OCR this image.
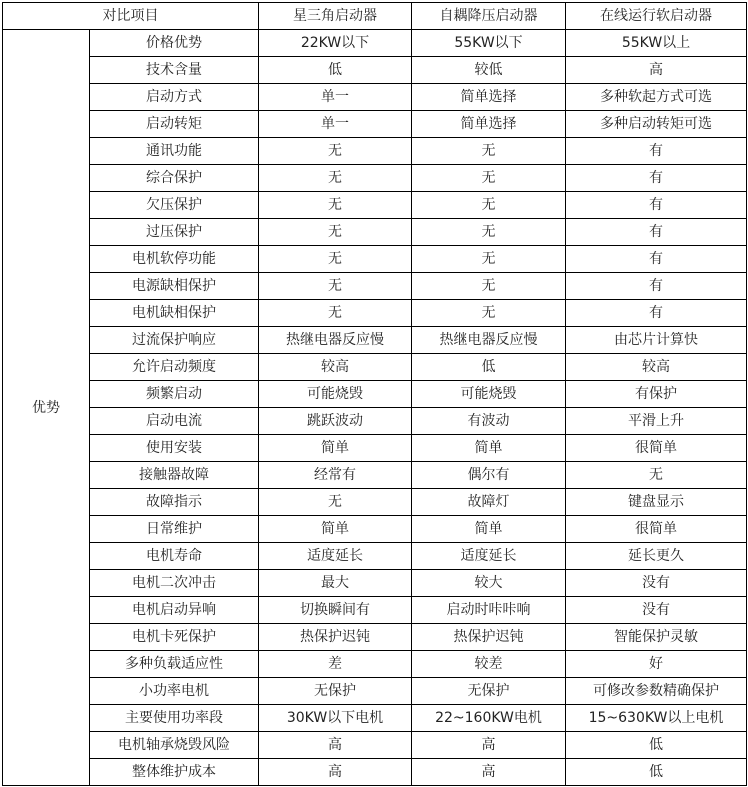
对比项目		星三角启动器	自耦降压启动器	在线运行软启动器
优势	价格优势	22KW以下	55KW以下	55KW以上
	技术含量	低	较低	高
	启动方式	单一	简单选择	多种软起方式可选
	启动转矩	单一	简单选择	多种启动转矩可选
	通讯功能	无	无	有
	综合保护	无	无	有
	欠压保护	无	无	有
	过压保护	无	无	有
	电机软停功能	无	无	有
	电源缺相保护	无	无	有
	电机缺相保护	无	无	有
	过流保护响应	热继电器反应慢	热继电器反应慢	由芯片计算快
	允许启动频度	较高	低	较高
	频繁启动	可能烧毁	可能烧毁	有保护
	启动电流	跳跃波动	有波动	平滑上升
	使用安装	简单	简单	很简单
	接触器故障	经常有	偶尔有	无
	故障指示	无	故障灯	键盘显示
	日常维护	简单	简单	很简单
	电机寿命	适度延长	适度延长	延长更久
	电机二次冲击	最大	较大	没有
	电机启动异响	切换瞬间有	启动时咔咔响	没有
	电机卡死保护	热保护迟钝	热保护迟钝	智能保护灵敏
	多种负载适应性	差	较差	好
	小功率电机	无保护	无保护	可修改参数精确保护
	主要使用功率段	30KW以下电机	22~160KW电机	15~630KW以上电机
	电机轴承烧毁风险	高	高	低
	整体维护成本	高	高	低
